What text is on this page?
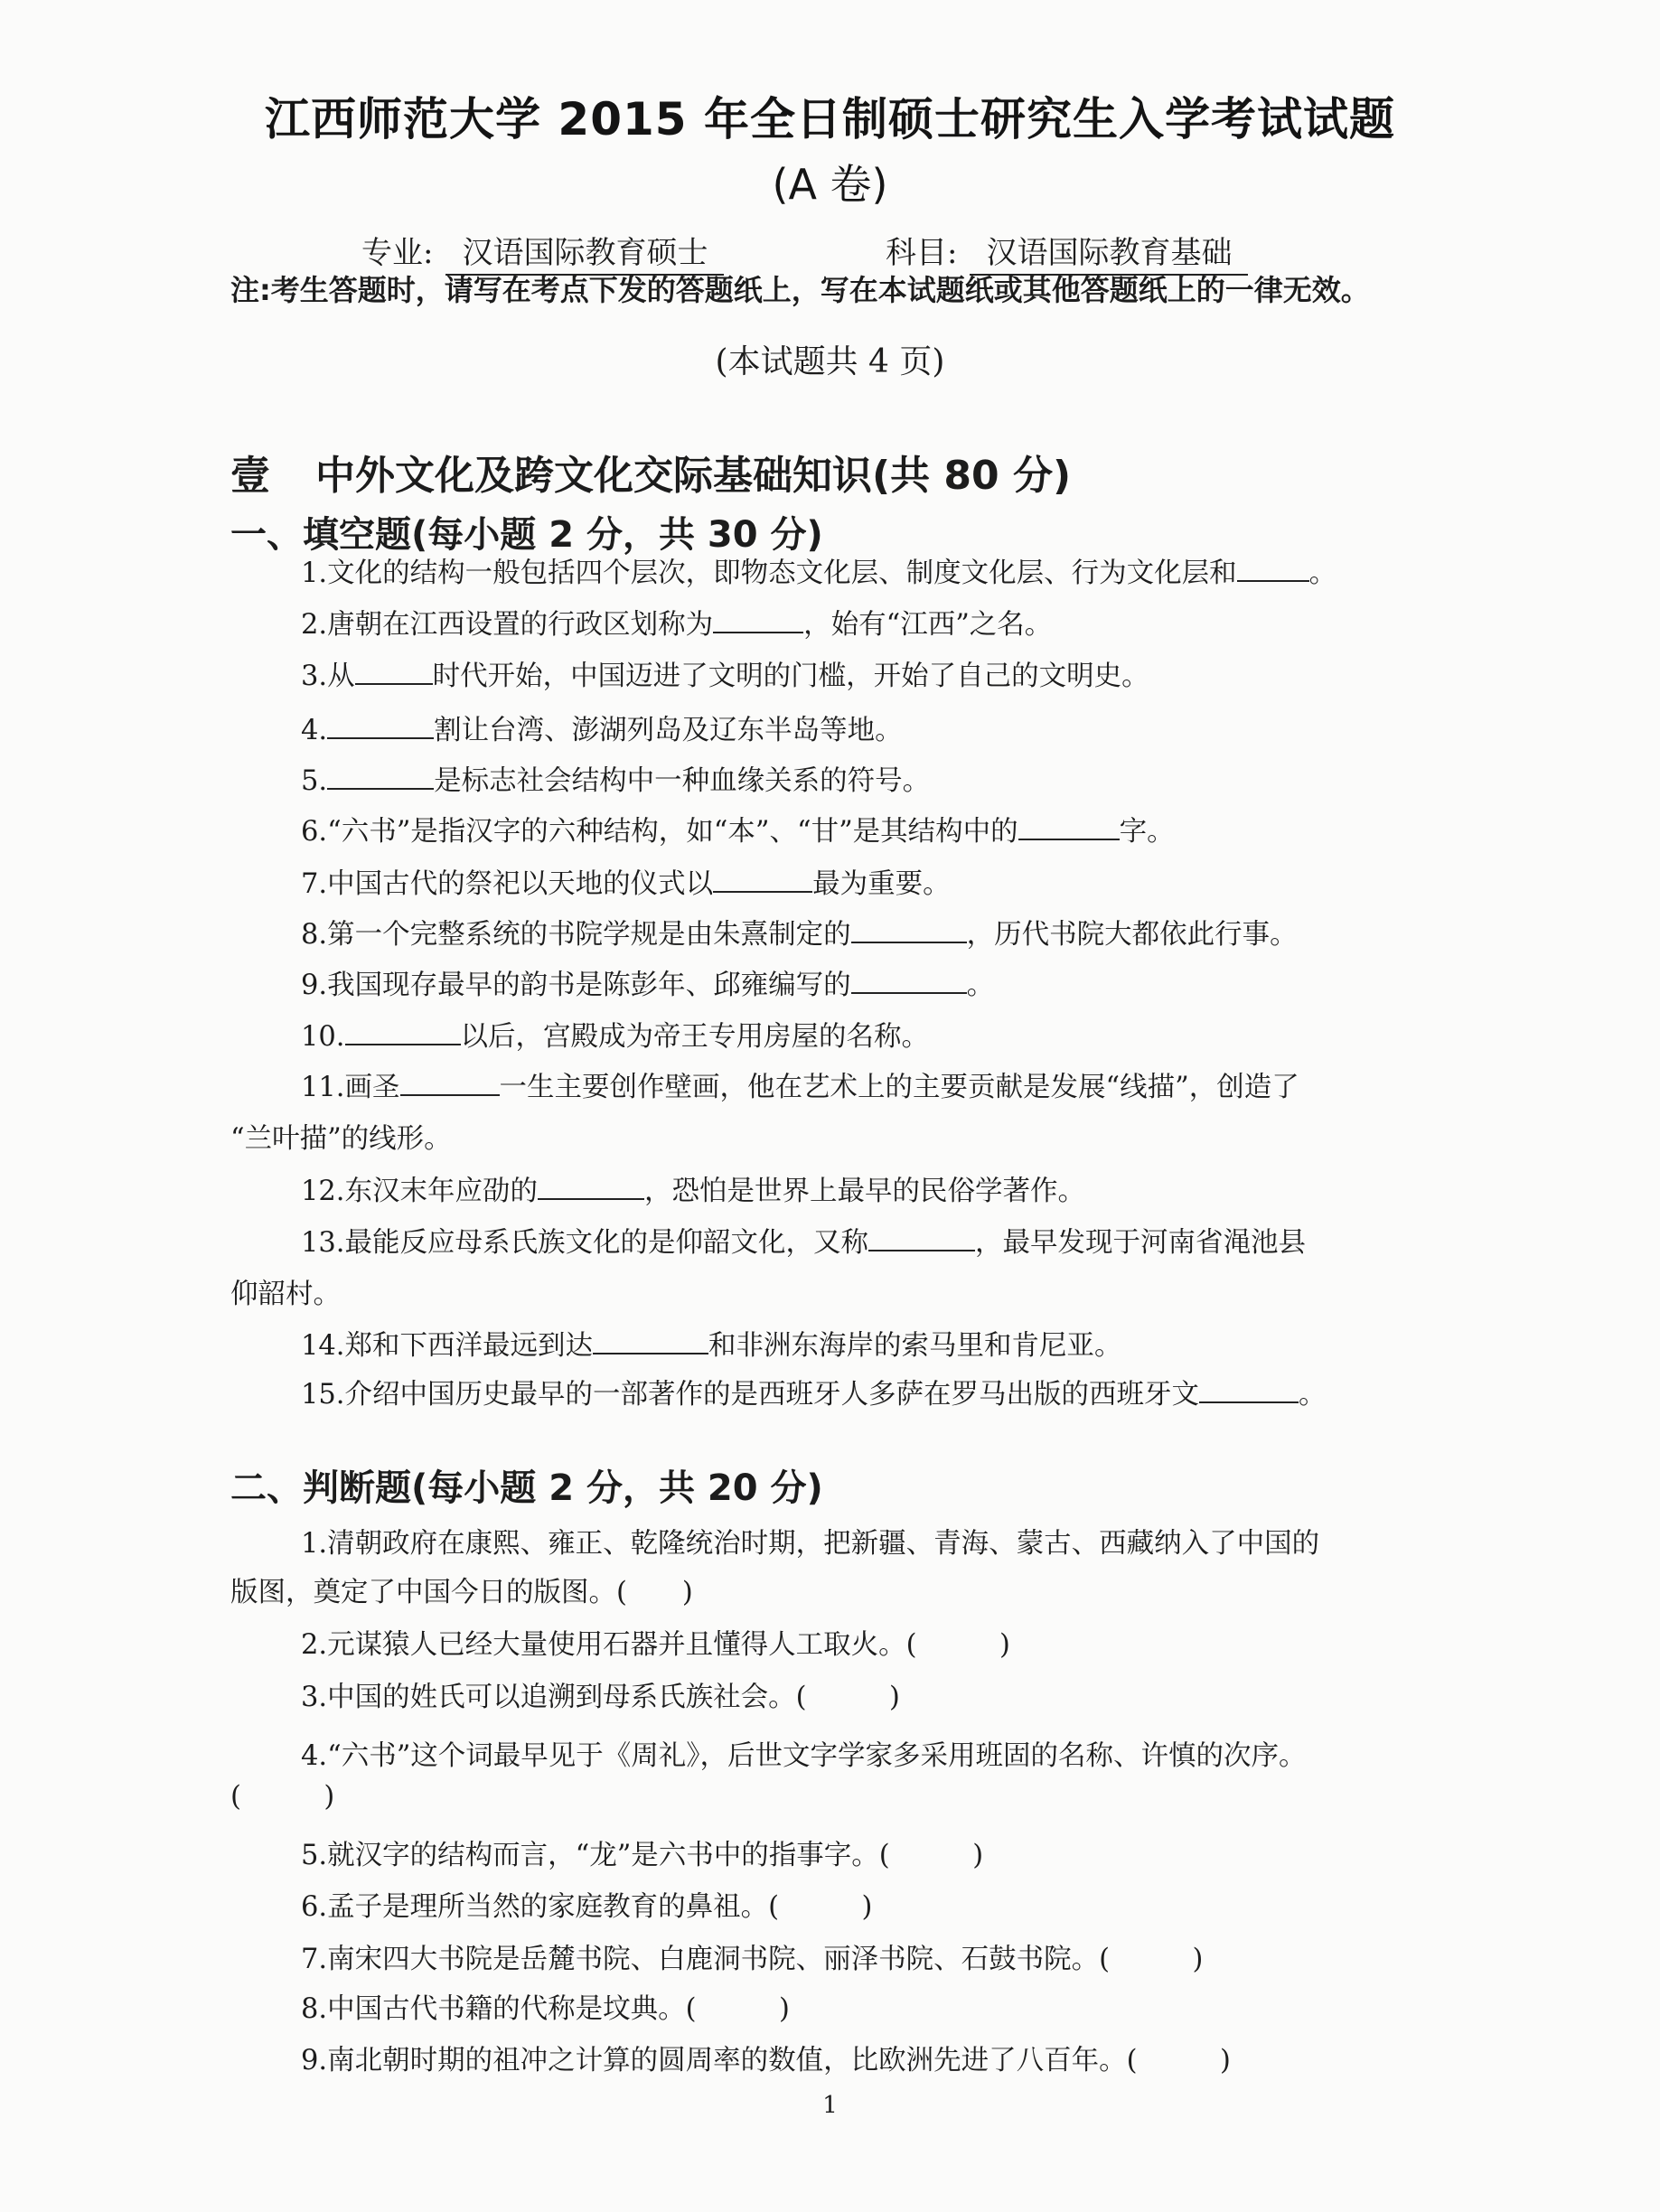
江西师范大学 2015 年全日制硕士研究生入学考试试题
(A 卷)
专业: 汉语国际教育硕士	科目: 汉语国际教育基础
注:考生答题时，请写在考点下发的答题纸上，写在本试题纸或其他答题纸上的一律无效。
(本试题共 4 页)
壹 中外文化及跨文化交际基础知识(共 80 分)
一、填空题(每小题 2 分，共 30 分)
1.文化的结构一般包括四个层次，即物态文化层、制度文化层、行为文化层和	。
2.唐朝在江西设置的行政区划称为	，始有“江西”之名。
3.从	时代开始，中国迈进了文明的门槛，开始了自己的文明史。
4.	割让台湾、澎湖列岛及辽东半岛等地。
5.	是标志社会结构中一种血缘关系的符号。
6.“六书”是指汉字的六种结构，如“本”、“甘”是其结构中的	字。
7.中国古代的祭祀以天地的仪式以	最为重要。
8.第一个完整系统的书院学规是由朱熹制定的	，历代书院大都依此行事。
9.我国现存最早的韵书是陈彭年、邱雍编写的	。
10.	以后，宫殿成为帝王专用房屋的名称。
11.画圣	一生主要创作壁画，他在艺术上的主要贡献是发展“线描”，创造了
“兰叶描”的线形。
12.东汉末年应劭的	，恐怕是世界上最早的民俗学著作。
13.最能反应母系氏族文化的是仰韶文化，又称	，最早发现于河南省渑池县
仰韶村。
14.郑和下西洋最远到达	和非洲东海岸的索马里和肯尼亚。
15.介绍中国历史最早的一部著作的是西班牙人多萨在罗马出版的西班牙文	。
二、判断题(每小题 2 分，共 20 分)
1.清朝政府在康熙、雍正、乾隆统治时期，把新疆、青海、蒙古、西藏纳入了中国的
版图，奠定了中国今日的版图。(　　)
2.元谋猿人已经大量使用石器并且懂得人工取火。(　　　)
3.中国的姓氏可以追溯到母系氏族社会。(　　　)
4.“六书”这个词最早见于《周礼》，后世文字学家多采用班固的名称、许慎的次序。
(　　　)
5.就汉字的结构而言，“龙”是六书中的指事字。(　　　)
6.孟子是理所当然的家庭教育的鼻祖。(　　　)
7.南宋四大书院是岳麓书院、白鹿洞书院、丽泽书院、石鼓书院。(　　　)
8.中国古代书籍的代称是坟典。(　　　)
9.南北朝时期的祖冲之计算的圆周率的数值，比欧洲先进了八百年。(　　　)
1
